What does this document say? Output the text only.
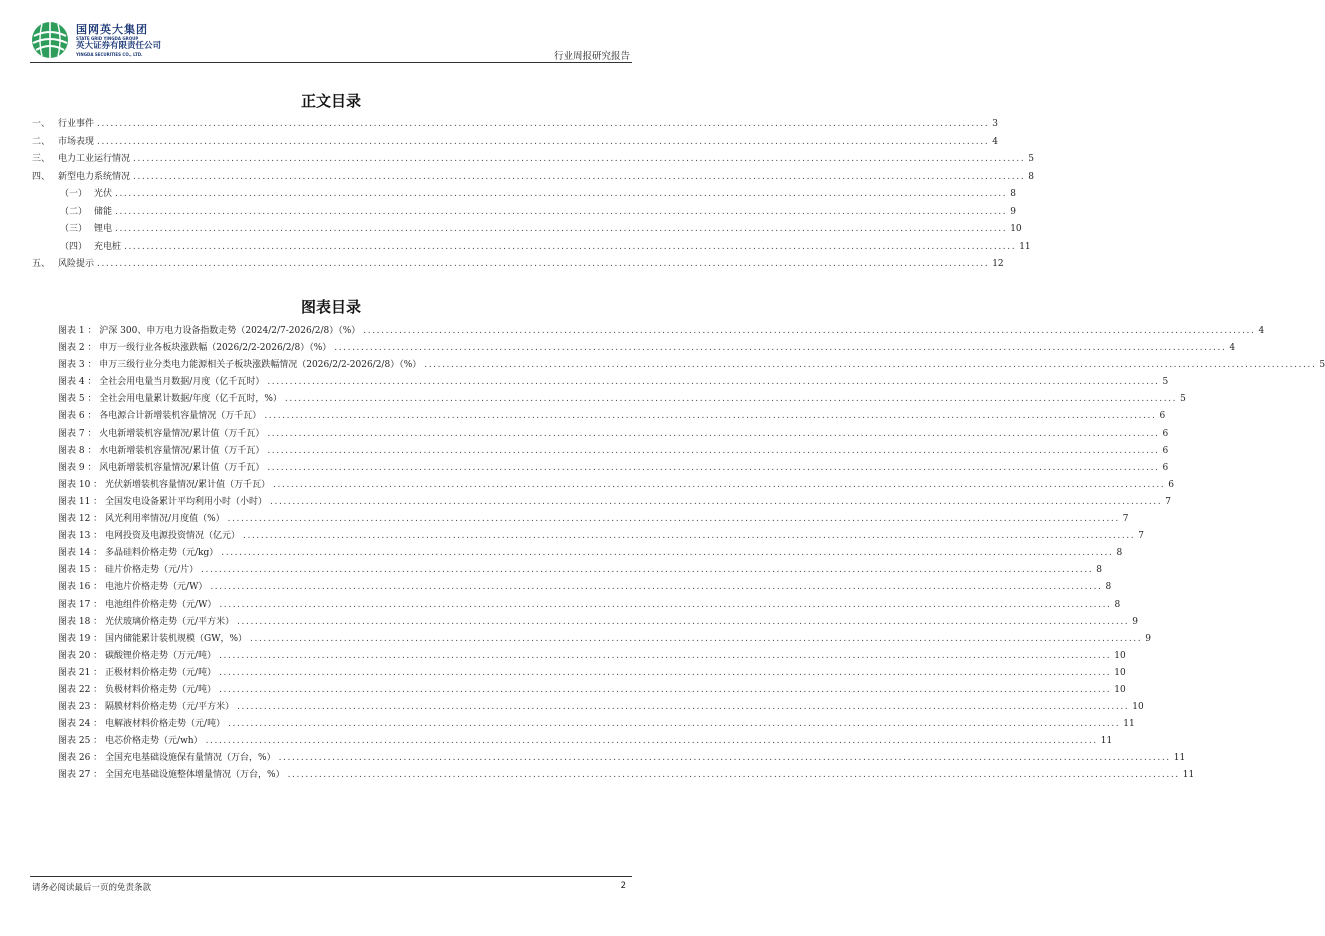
国网英大集团
STATE GRID YINGDA GROUP
英大证券有限责任公司
YINGDA SECURITIES CO., LTD.	行业周报研究报告
正文目录
一、 行业事件 ........................................................................................................................................................................................................ 3
二、 市场表现 ........................................................................................................................................................................................................ 4
三、 电力工业运行情况 ........................................................................................................................................................................................................ 5
四、 新型电力系统情况 ........................................................................................................................................................................................................ 8
（一） 光伏 ........................................................................................................................................................................................................ 8
（二） 储能 ........................................................................................................................................................................................................ 9
（三） 锂电 ........................................................................................................................................................................................................ 10
（四） 充电桩 ........................................................................................................................................................................................................ 11
五、 风险提示 ........................................................................................................................................................................................................ 12
图表目录
图表 1 ： 沪深 300、申万电力设备指数走势（2024/2/7-2026/2/8）（%） ........................................................................................................................................................................................................ 4
图表 2 ： 申万一级行业各板块涨跌幅（2026/2/2-2026/2/8）（%） ........................................................................................................................................................................................................ 4
图表 3 ： 申万三级行业分类电力能源相关子板块涨跌幅情况（2026/2/2-2026/2/8）（%） ........................................................................................................................................................................................................ 5
图表 4 ： 全社会用电量当月数据/月度（亿千瓦时） ........................................................................................................................................................................................................ 5
图表 5 ： 全社会用电量累计数据/年度（亿千瓦时，%） ........................................................................................................................................................................................................ 5
图表 6 ： 各电源合计新增装机容量情况（万千瓦） ........................................................................................................................................................................................................ 6
图表 7 ： 火电新增装机容量情况/累计值（万千瓦） ........................................................................................................................................................................................................ 6
图表 8 ： 水电新增装机容量情况/累计值（万千瓦） ........................................................................................................................................................................................................ 6
图表 9 ： 风电新增装机容量情况/累计值（万千瓦） ........................................................................................................................................................................................................ 6
图表 10 ： 光伏新增装机容量情况/累计值（万千瓦） ........................................................................................................................................................................................................ 6
图表 11 ： 全国发电设备累计平均利用小时（小时） ........................................................................................................................................................................................................ 7
图表 12 ： 风光利用率情况/月度值（%） ........................................................................................................................................................................................................ 7
图表 13 ： 电网投资及电源投资情况（亿元） ........................................................................................................................................................................................................ 7
图表 14 ： 多晶硅料价格走势（元/kg） ........................................................................................................................................................................................................ 8
图表 15 ： 硅片价格走势（元/片） ........................................................................................................................................................................................................ 8
图表 16 ： 电池片价格走势（元/W） ........................................................................................................................................................................................................ 8
图表 17 ： 电池组件价格走势（元/W） ........................................................................................................................................................................................................ 8
图表 18 ： 光伏玻璃价格走势（元/平方米） ........................................................................................................................................................................................................ 9
图表 19 ： 国内储能累计装机规模（GW，%） ........................................................................................................................................................................................................ 9
图表 20 ： 碳酸锂价格走势（万元/吨） ........................................................................................................................................................................................................ 10
图表 21 ： 正极材料价格走势（元/吨） ........................................................................................................................................................................................................ 10
图表 22 ： 负极材料价格走势（元/吨） ........................................................................................................................................................................................................ 10
图表 23 ： 隔膜材料价格走势（元/平方米） ........................................................................................................................................................................................................ 10
图表 24 ： 电解液材料价格走势（元/吨） ........................................................................................................................................................................................................ 11
图表 25 ： 电芯价格走势（元/wh） ........................................................................................................................................................................................................ 11
图表 26 ： 全国充电基础设施保有量情况（万台，%） ........................................................................................................................................................................................................ 11
图表 27 ： 全国充电基础设施整体增量情况（万台，%） ........................................................................................................................................................................................................ 11
请务必阅读最后一页的免责条款	2
